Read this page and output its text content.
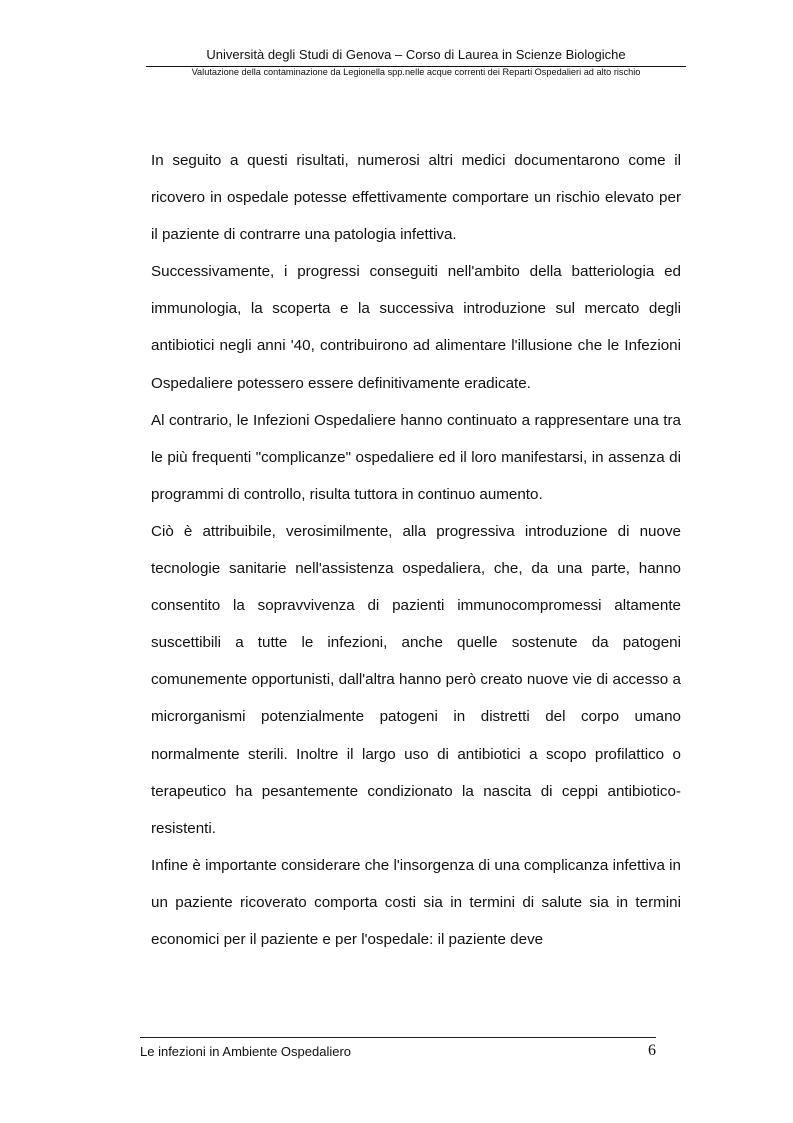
Università degli Studi di Genova – Corso di Laurea in Scienze Biologiche
Valutazione della contaminazione da Legionella spp.nelle acque correnti dei Reparti Ospedalieri ad alto rischio

In seguito a questi risultati, numerosi altri medici documentarono come il ricovero in ospedale potesse effettivamente comportare un rischio elevato per il paziente di contrarre una patologia infettiva.

Successivamente, i progressi conseguiti nell'ambito della batteriologia ed immunologia, la scoperta e la successiva introduzione sul mercato degli antibiotici negli anni '40, contribuirono ad alimentare l'illusione che le Infezioni Ospedaliere potessero essere definitivamente eradicate.

Al contrario, le Infezioni Ospedaliere hanno continuato a rappresentare una tra le più frequenti "complicanze" ospedaliere ed il loro manifestarsi, in assenza di programmi di controllo, risulta tuttora in continuo aumento.

Ciò è attribuibile, verosimilmente, alla progressiva introduzione di nuove tecnologie sanitarie nell'assistenza ospedaliera, che, da una parte, hanno consentito la sopravvivenza di pazienti immunocompromessi altamente suscettibili a tutte le infezioni, anche quelle sostenute da patogeni comunemente opportunisti, dall'altra hanno però creato nuove vie di accesso a microrganismi potenzialmente patogeni in distretti del corpo umano normalmente sterili. Inoltre il largo uso di antibiotici a scopo profilattico o terapeutico ha pesantemente condizionato la nascita di ceppi antibiotico-resistenti.

Infine è importante considerare che l'insorgenza di una complicanza infettiva in un paziente ricoverato comporta costi sia in termini di salute sia in termini economici per il paziente e per l'ospedale: il paziente deve

Le infezioni in Ambiente Ospedaliero	6
